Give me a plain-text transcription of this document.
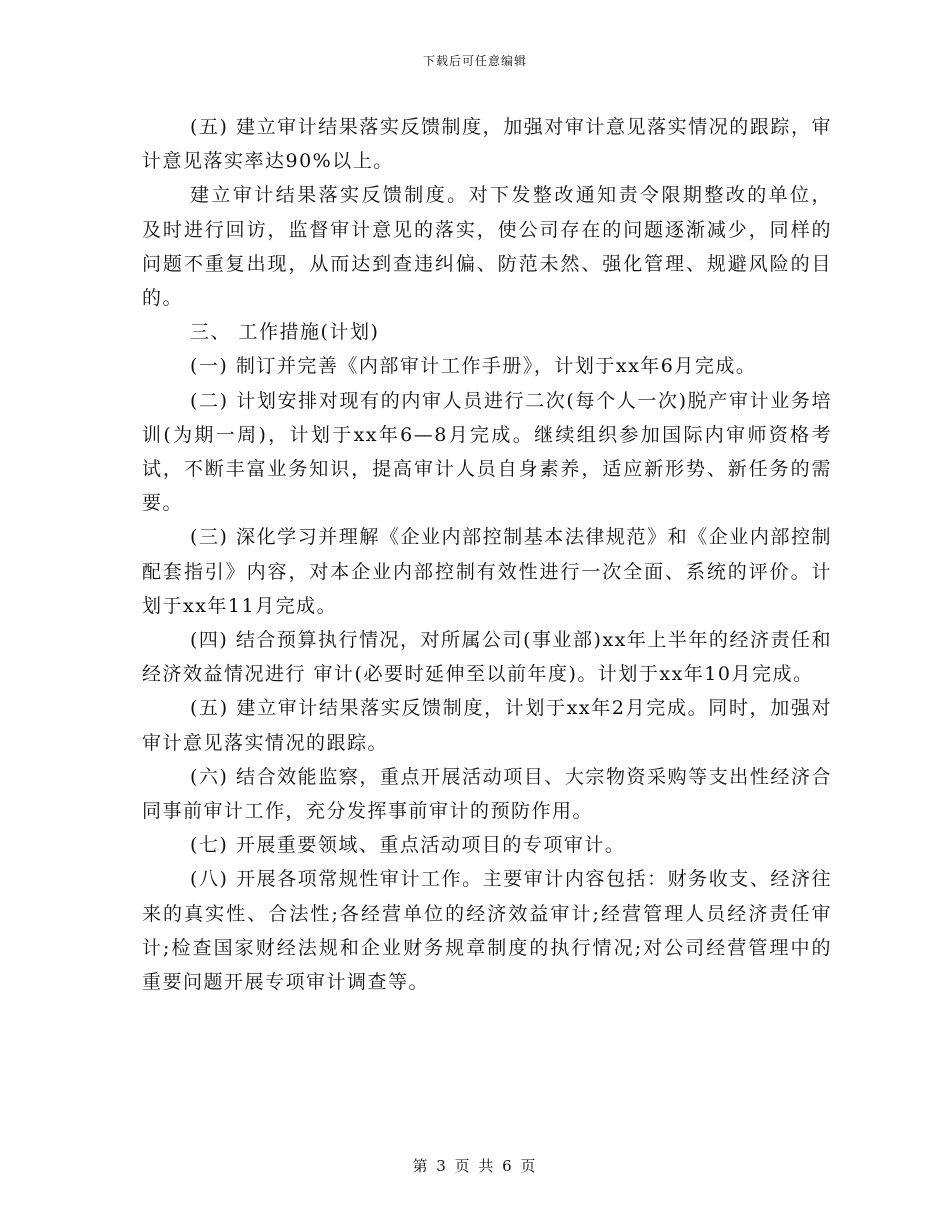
下载后可任意编辑

(五) 建立审计结果落实反馈制度，加强对审计意见落实情况的跟踪，审计意见落实率达90%以上。

建立审计结果落实反馈制度。对下发整改通知责令限期整改的单位， 及时进行回访，监督审计意见的落实，使公司存在的问题逐渐减少，同样的问题不重复出现，从而达到查违纠偏、防范未然、强化管理、规避风险的目的。

三、 工作措施(计划)

(一) 制订并完善《内部审计工作手册》，计划于xx年6月完成。

(二) 计划安排对现有的内审人员进行二次(每个人一次)脱产审计业务培训(为期一周)，计划于xx年6—8月完成。继续组织参加国际内审师资格考试，不断丰富业务知识，提高审计人员自身素养，适应新形势、新任务的需要。

(三) 深化学习并理解《企业内部控制基本法律规范》和《企业内部控制配套指引》内容，对本企业内部控制有效性进行一次全面、系统的评价。计划于xx年11月完成。

(四) 结合预算执行情况，对所属公司(事业部)xx年上半年的经济责任和经济效益情况进行 审计(必要时延伸至以前年度)。计划于xx年10月完成。

(五) 建立审计结果落实反馈制度，计划于xx年2月完成。同时，加强对审计意见落实情况的跟踪。

(六) 结合效能监察，重点开展活动项目、大宗物资采购等支出性经济合同事前审计工作，充分发挥事前审计的预防作用。

(七) 开展重要领域、重点活动项目的专项审计。

(八) 开展各项常规性审计工作。主要审计内容包括：财务收支、经济往来的真实性、合法性;各经营单位的经济效益审计;经营管理人员经济责任审计;检查国家财经法规和企业财务规章制度的执行情况;对公司经营管理中的重要问题开展专项审计调查等。

第 3 页 共 6 页
